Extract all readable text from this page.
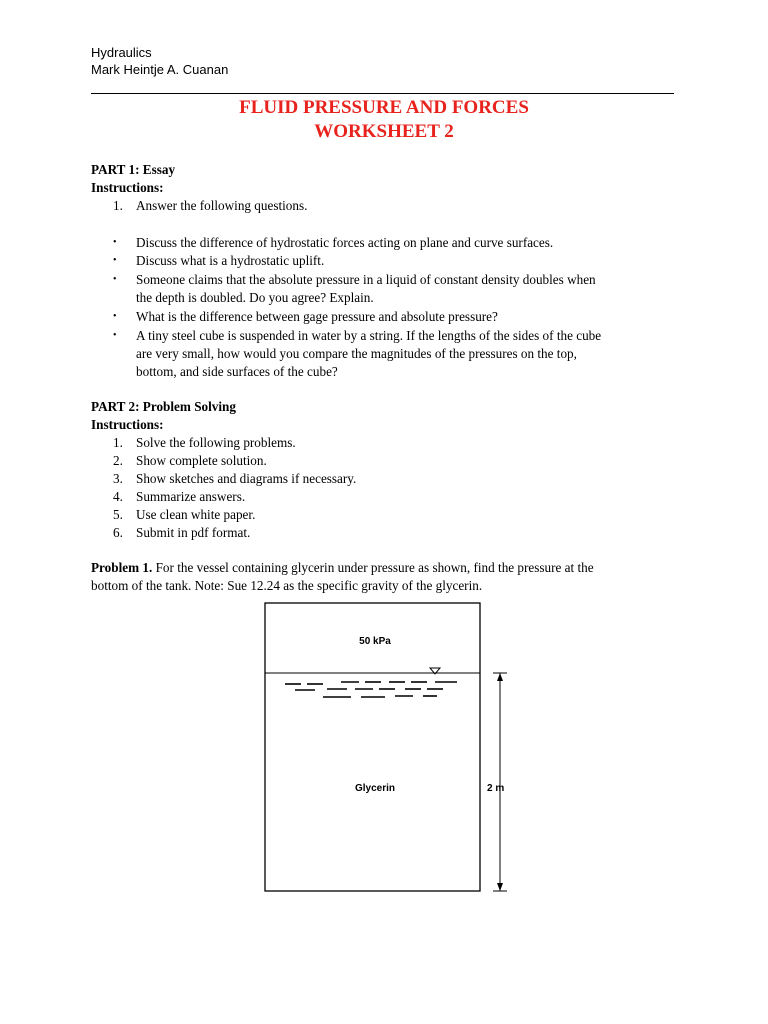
Hydraulics
Mark Heintje A. Cuanan
FLUID PRESSURE AND FORCES
WORKSHEET 2
PART 1: Essay
Instructions:
1. Answer the following questions.
• Discuss the difference of hydrostatic forces acting on plane and curve surfaces.
• Discuss what is a hydrostatic uplift.
• Someone claims that the absolute pressure in a liquid of constant density doubles when
the depth is doubled. Do you agree? Explain.
• What is the difference between gage pressure and absolute pressure?
• A tiny steel cube is suspended in water by a string. If the lengths of the sides of the cube
are very small, how would you compare the magnitudes of the pressures on the top,
bottom, and side surfaces of the cube?
PART 2: Problem Solving
Instructions:
1. Solve the following problems.
2. Show complete solution.
3. Show sketches and diagrams if necessary.
4. Summarize answers.
5. Use clean white paper.
6. Submit in pdf format.
Problem 1. For the vessel containing glycerin under pressure as shown, find the pressure at the
bottom of the tank. Note: Sue 12.24 as the specific gravity of the glycerin.
50 kPa
Glycerin	2 m
